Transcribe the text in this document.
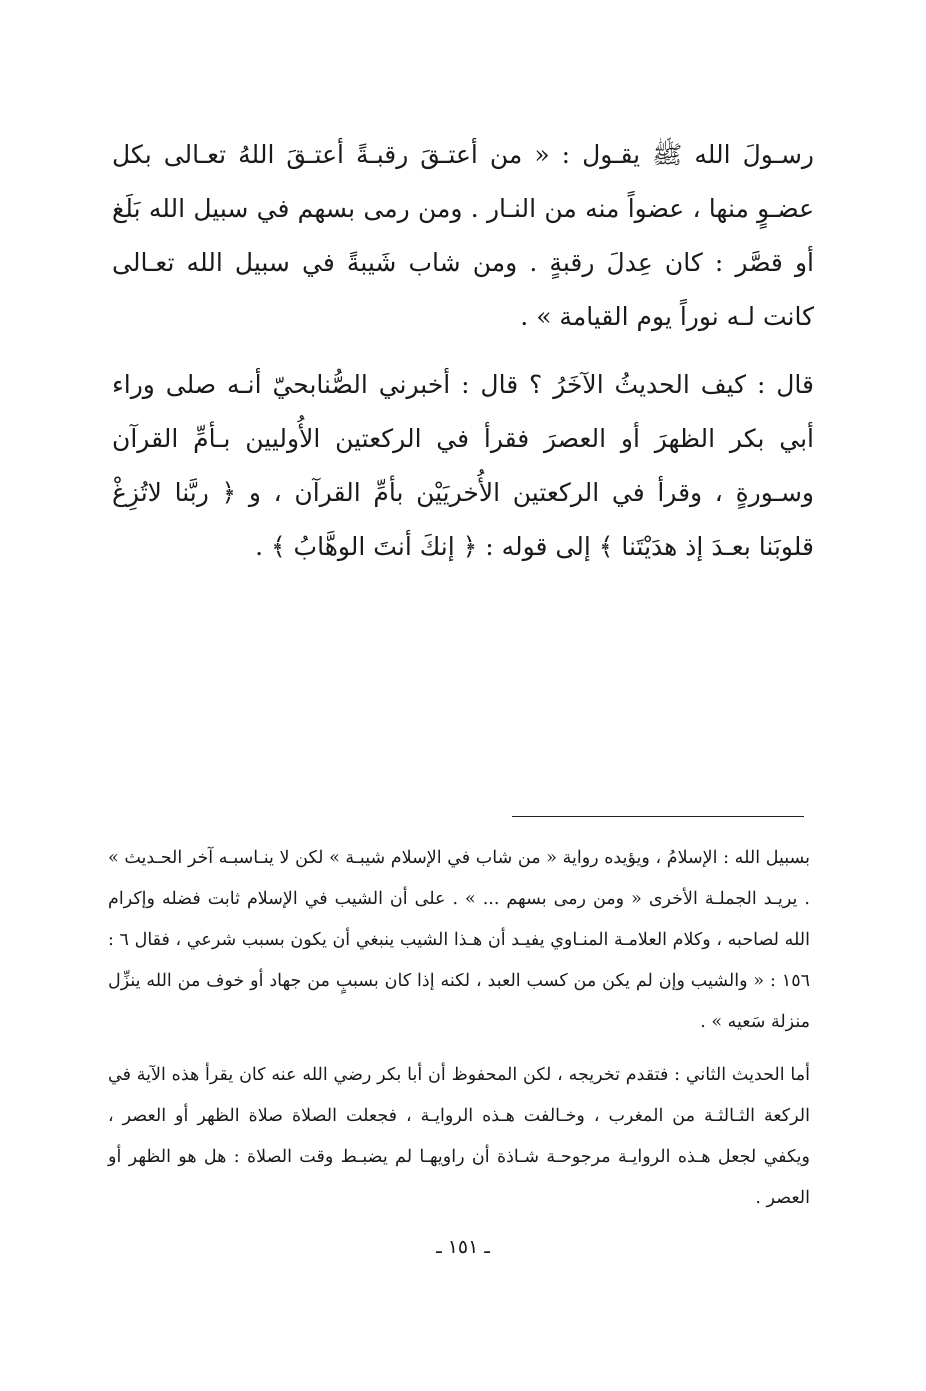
رسـولَ الله ﷺ يقـول : « من أعتـقَ رقبـةً أعتـقَ اللهُ تعـالى بكل عضـوٍ منها ، عضواً منه من النـار . ومن رمى بسهم في سبيل الله بَلَغ أو قصَّر : كان عِدلَ رقبةٍ . ومن شاب شَيبةً في سبيل الله تعـالى كانت لـه نوراً يوم القيامة » .

قال : كيف الحديثُ الآخَرُ ؟ قال : أخبرني الصُّنابحيّ أنـه صلى وراء أبي بكر الظهرَ أو العصرَ فقرأ في الركعتين الأُوليين بـأمِّ القرآن وسـورةٍ ، وقرأ في الركعتين الأُخريَيْن بأمِّ القرآن ، و ﴿ ربَّنا لاتُزِغْ قلوبَنا بعـدَ إذ هدَيْتَنا ﴾ إلى قوله : ﴿ إنكَ أنتَ الوهَّابُ ﴾ .

بسبيل الله : الإسلامُ ، ويؤيده رواية « من شاب في الإسلام شيبـة » لكن لا ينـاسبـه آخر الحـديث » . يريـد الجملـة الأخرى « ومن رمى بسهم ... » . على أن الشيب في الإسلام ثابت فضله وإكرام الله لصاحبه ، وكلام العلامـة المنـاوي يفيـد أن هـذا الشيب ينبغي أن يكون بسبب شرعي ، فقال ٦ : ١٥٦ : « والشيب وإن لم يكن من كسب العبد ، لكنه إذا كان بسببٍ من جهاد أو خوف من الله ينزِّل منزلة سَعيه » .

أما الحديث الثاني : فتقدم تخريجه ، لكن المحفوظ أن أبا بكر رضي الله عنه كان يقرأ هذه الآية في الركعة الثـالثـة من المغرب ، وخـالفت هـذه الروايـة ، فجعلت الصلاة صلاة الظهر أو العصر ، ويكفي لجعل هـذه الروايـة مرجوحـة شـاذة أن راويهـا لم يضبـط وقت الصلاة : هل هو الظهر أو العصر .

ـ ١٥١ ـ
